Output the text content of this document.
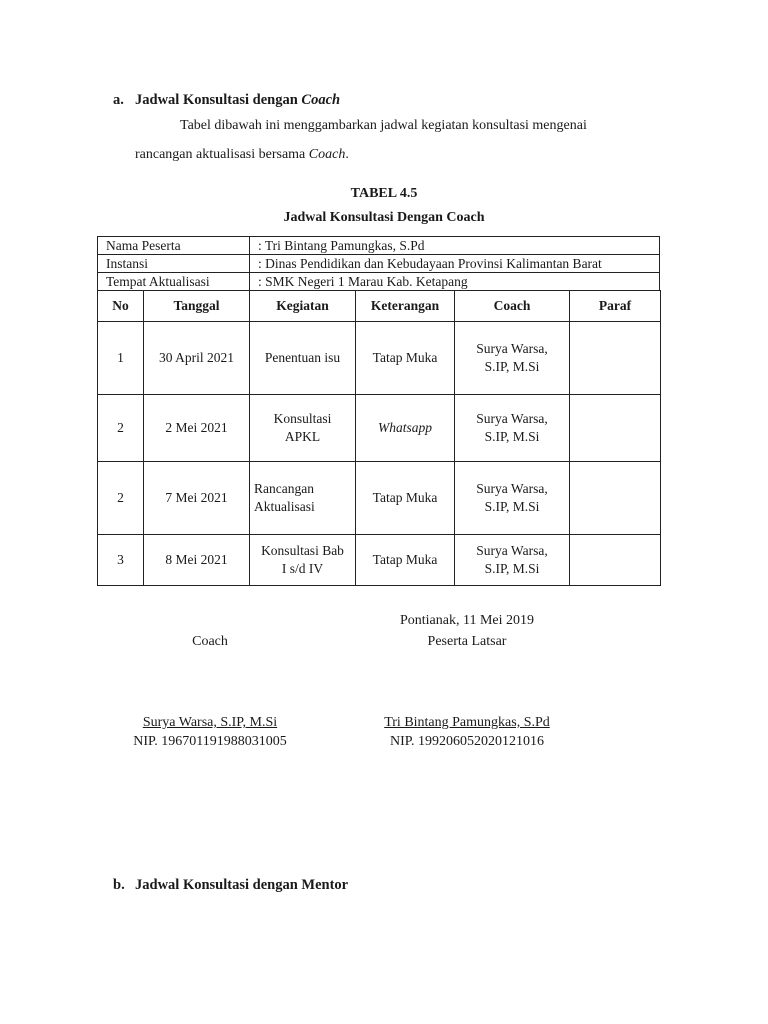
a. Jadwal Konsultasi dengan Coach
Tabel dibawah ini menggambarkan jadwal kegiatan konsultasi mengenai
rancangan aktualisasi bersama Coach.
TABEL 4.5
Jadwal Konsultasi Dengan Coach
Nama Peserta	: Tri Bintang Pamungkas, S.Pd
Instansi	: Dinas Pendidikan dan Kebudayaan Provinsi Kalimantan Barat
Tempat Aktualisasi	: SMK Negeri 1 Marau Kab. Ketapang
No	Tanggal	Kegiatan	Keterangan	Coach	Paraf
1	30 April 2021	Penentuan isu	Tatap Muka	Surya Warsa,
S.IP, M.Si	
2	2 Mei 2021	Konsultasi
APKL	Whatsapp	Surya Warsa,
S.IP, M.Si	
2	7 Mei 2021	Rancangan
Aktualisasi	Tatap Muka	Surya Warsa,
S.IP, M.Si	
3	8 Mei 2021	Konsultasi Bab
I s/d IV	Tatap Muka	Surya Warsa,
S.IP, M.Si	
Pontianak, 11 Mei 2019
Coach	Peserta Latsar
Surya Warsa, S.IP, M.Si
NIP. 196701191988031005
Tri Bintang Pamungkas, S.Pd
NIP. 199206052020121016
b. Jadwal Konsultasi dengan Mentor
